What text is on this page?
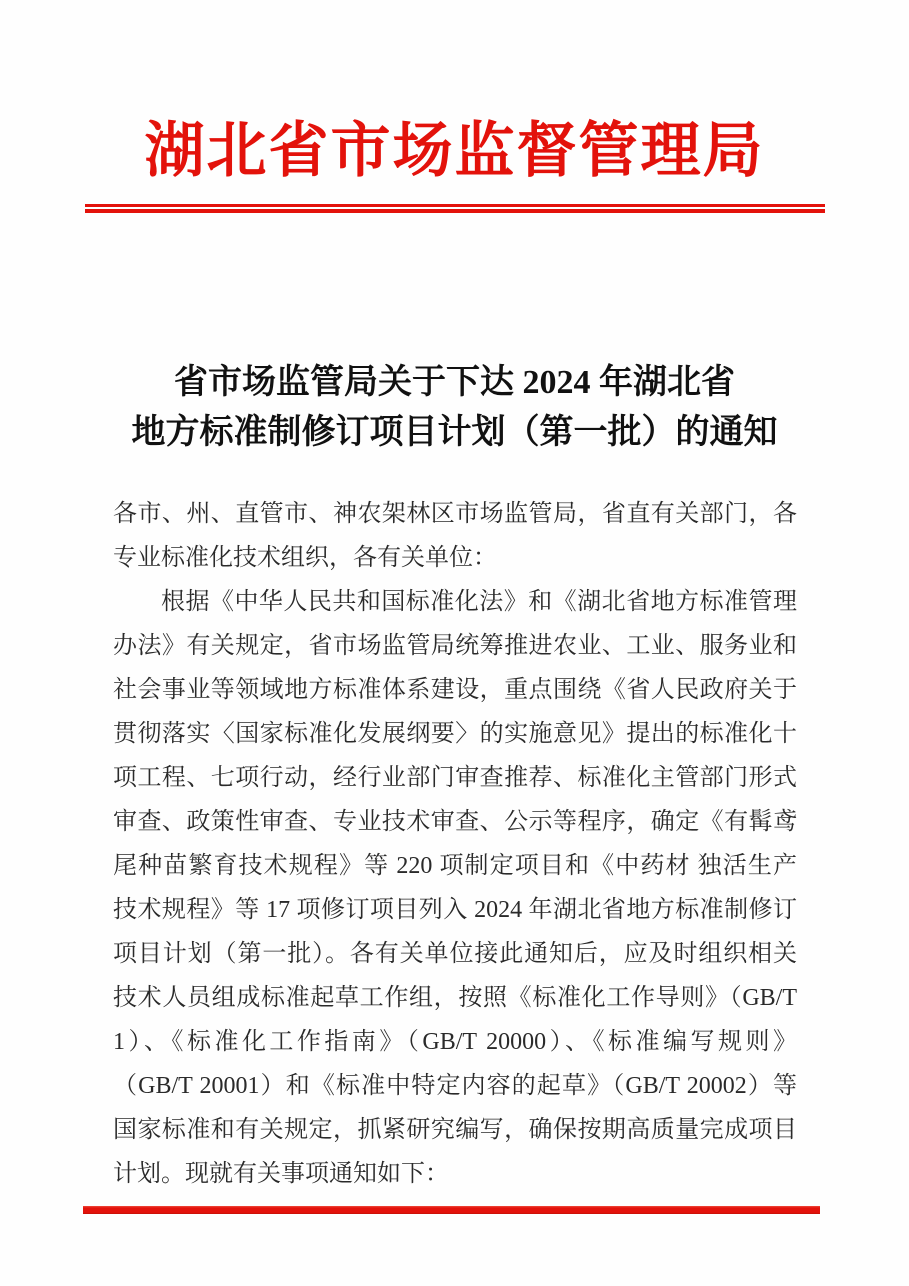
湖北省市场监督管理局
省市场监管局关于下达 2024 年湖北省
地方标准制修订项目计划（第一批）的通知
各市、州、直管市、神农架林区市场监管局，省直有关部门，各
专业标准化技术组织，各有关单位：
根据《中华人民共和国标准化法》和《湖北省地方标准管理
办法》有关规定，省市场监管局统筹推进农业、工业、服务业和
社会事业等领域地方标准体系建设，重点围绕《省人民政府关于
贯彻落实〈国家标准化发展纲要〉的实施意见》提出的标准化十
项工程、七项行动，经行业部门审查推荐、标准化主管部门形式
审查、政策性审查、专业技术审查、公示等程序，确定《有髯鸢
尾种苗繁育技术规程》等 220 项制定项目和《中药材 独活生产
技术规程》等 17 项修订项目列入 2024 年湖北省地方标准制修订
项目计划（第一批）。各有关单位接此通知后，应及时组织相关
技术人员组成标准起草工作组，按照《标准化工作导则》（GB/T
1）、《标准化工作指南》（GB/T 20000）、《标准编写规则》
（GB/T 20001）和《标准中特定内容的起草》（GB/T 20002）等
国家标准和有关规定，抓紧研究编写，确保按期高质量完成项目
计划。现就有关事项通知如下：
